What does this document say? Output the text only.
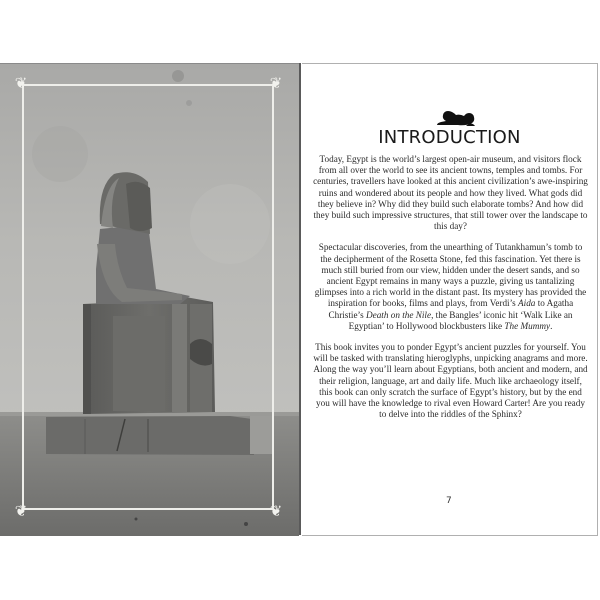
❦	❦
❦	❦
INTRODUCTION

Today, Egypt is the world’s largest open-air museum, and visitors flock from all over the world to see its ancient towns, temples and tombs. For centuries, travellers have looked at this ancient civilization’s awe-inspiring ruins and wondered about its people and how they lived. What gods did they believe in? Why did they build such elaborate tombs? And how did they build such impressive structures, that still tower over the landscape to this day?

Spectacular discoveries, from the unearthing of Tutankhamun’s tomb to the decipherment of the Rosetta Stone, fed this fascination. Yet there is much still buried from our view, hidden under the desert sands, and so ancient Egypt remains in many ways a puzzle, giving us tantalizing glimpses into a rich world in the distant past. Its mystery has provided the inspiration for books, films and plays, from Verdi’s Aida to Agatha Christie’s Death on the Nile, the Bangles’ iconic hit ‘Walk Like an Egyptian’ to Hollywood blockbusters like The Mummy.

This book invites you to ponder Egypt’s ancient puzzles for yourself. You will be tasked with translating hieroglyphs, unpicking anagrams and more. Along the way you’ll learn about Egyptians, both ancient and modern, and their religion, language, art and daily life. Much like archaeology itself, this book can only scratch the surface of Egypt’s history, but by the end you will have the knowledge to rival even Howard Carter! Are you ready to delve into the riddles of the Sphinx?

7
